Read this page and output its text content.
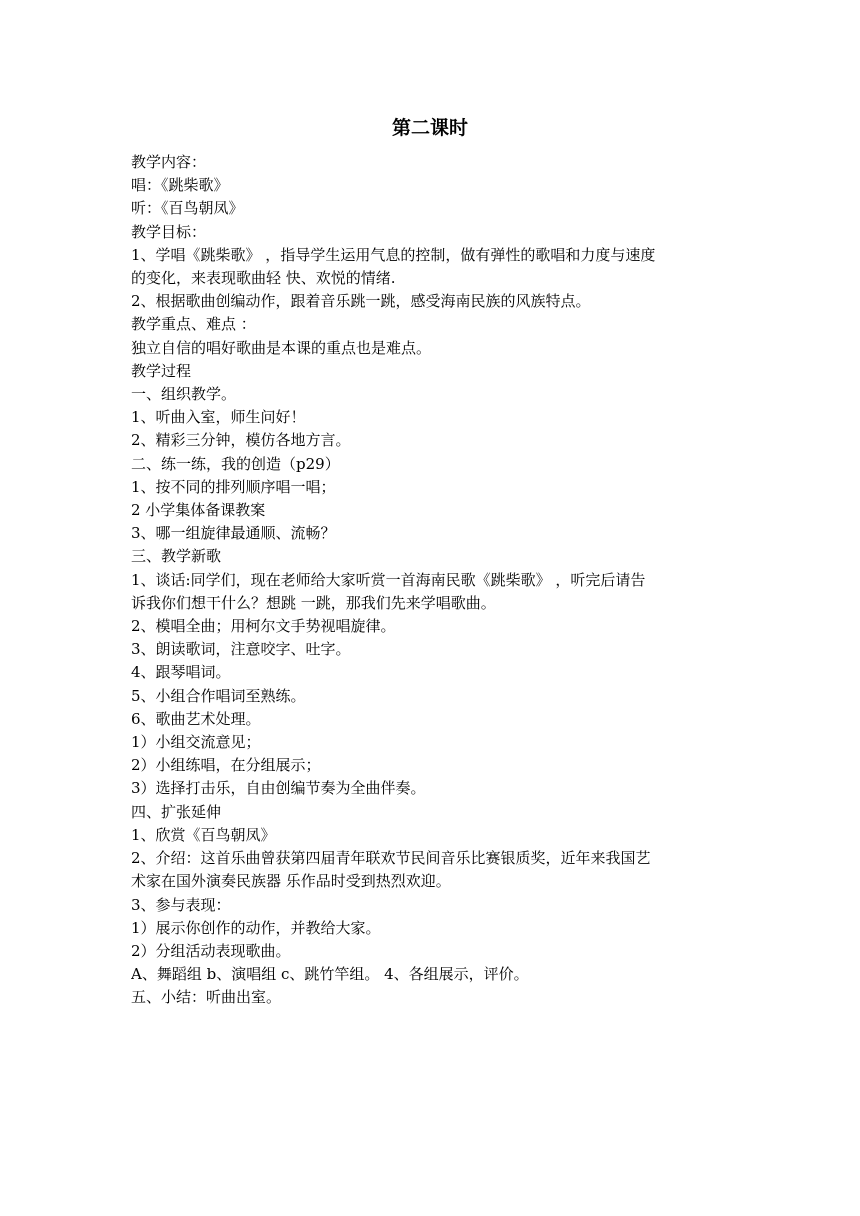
第二课时
教学内容：
唱：《跳柴歌》
听：《百鸟朝凤》
教学目标：
1、学唱《跳柴歌》 ，指导学生运用气息的控制，做有弹性的歌唱和力度与速度
的变化，来表现歌曲轻 快、欢悦的情绪.
2、根据歌曲创编动作，跟着音乐跳一跳，感受海南民族的风族特点。
教学重点、难点 ：
独立自信的唱好歌曲是本课的重点也是难点。
教学过程
一、组织教学。
1、听曲入室，师生问好！
2、精彩三分钟，模仿各地方言。
二、练一练，我的创造（p29）
1、按不同的排列顺序唱一唱；
2 小学集体备课教案
3、哪一组旋律最通顺、流畅？
三、教学新歌
1、谈话:同学们，现在老师给大家听赏一首海南民歌《跳柴歌》 ，听完后请告
诉我你们想干什么？想跳 一跳，那我们先来学唱歌曲。
2、模唱全曲；用柯尔文手势视唱旋律。
3、朗读歌词，注意咬字、吐字。
4、跟琴唱词。
5、小组合作唱词至熟练。
6、歌曲艺术处理。
1）小组交流意见；
2）小组练唱，在分组展示；
3）选择打击乐，自由创编节奏为全曲伴奏。
四、扩张延伸
1、欣赏《百鸟朝凤》
2、介绍：这首乐曲曾获第四届青年联欢节民间音乐比赛银质奖，近年来我国艺
术家在国外演奏民族器 乐作品时受到热烈欢迎。
3、参与表现：
1）展示你创作的动作，并教给大家。
2）分组活动表现歌曲。
A、舞蹈组 b、演唱组 c、跳竹竿组。 4、各组展示，评价。
五、小结：听曲出室。
